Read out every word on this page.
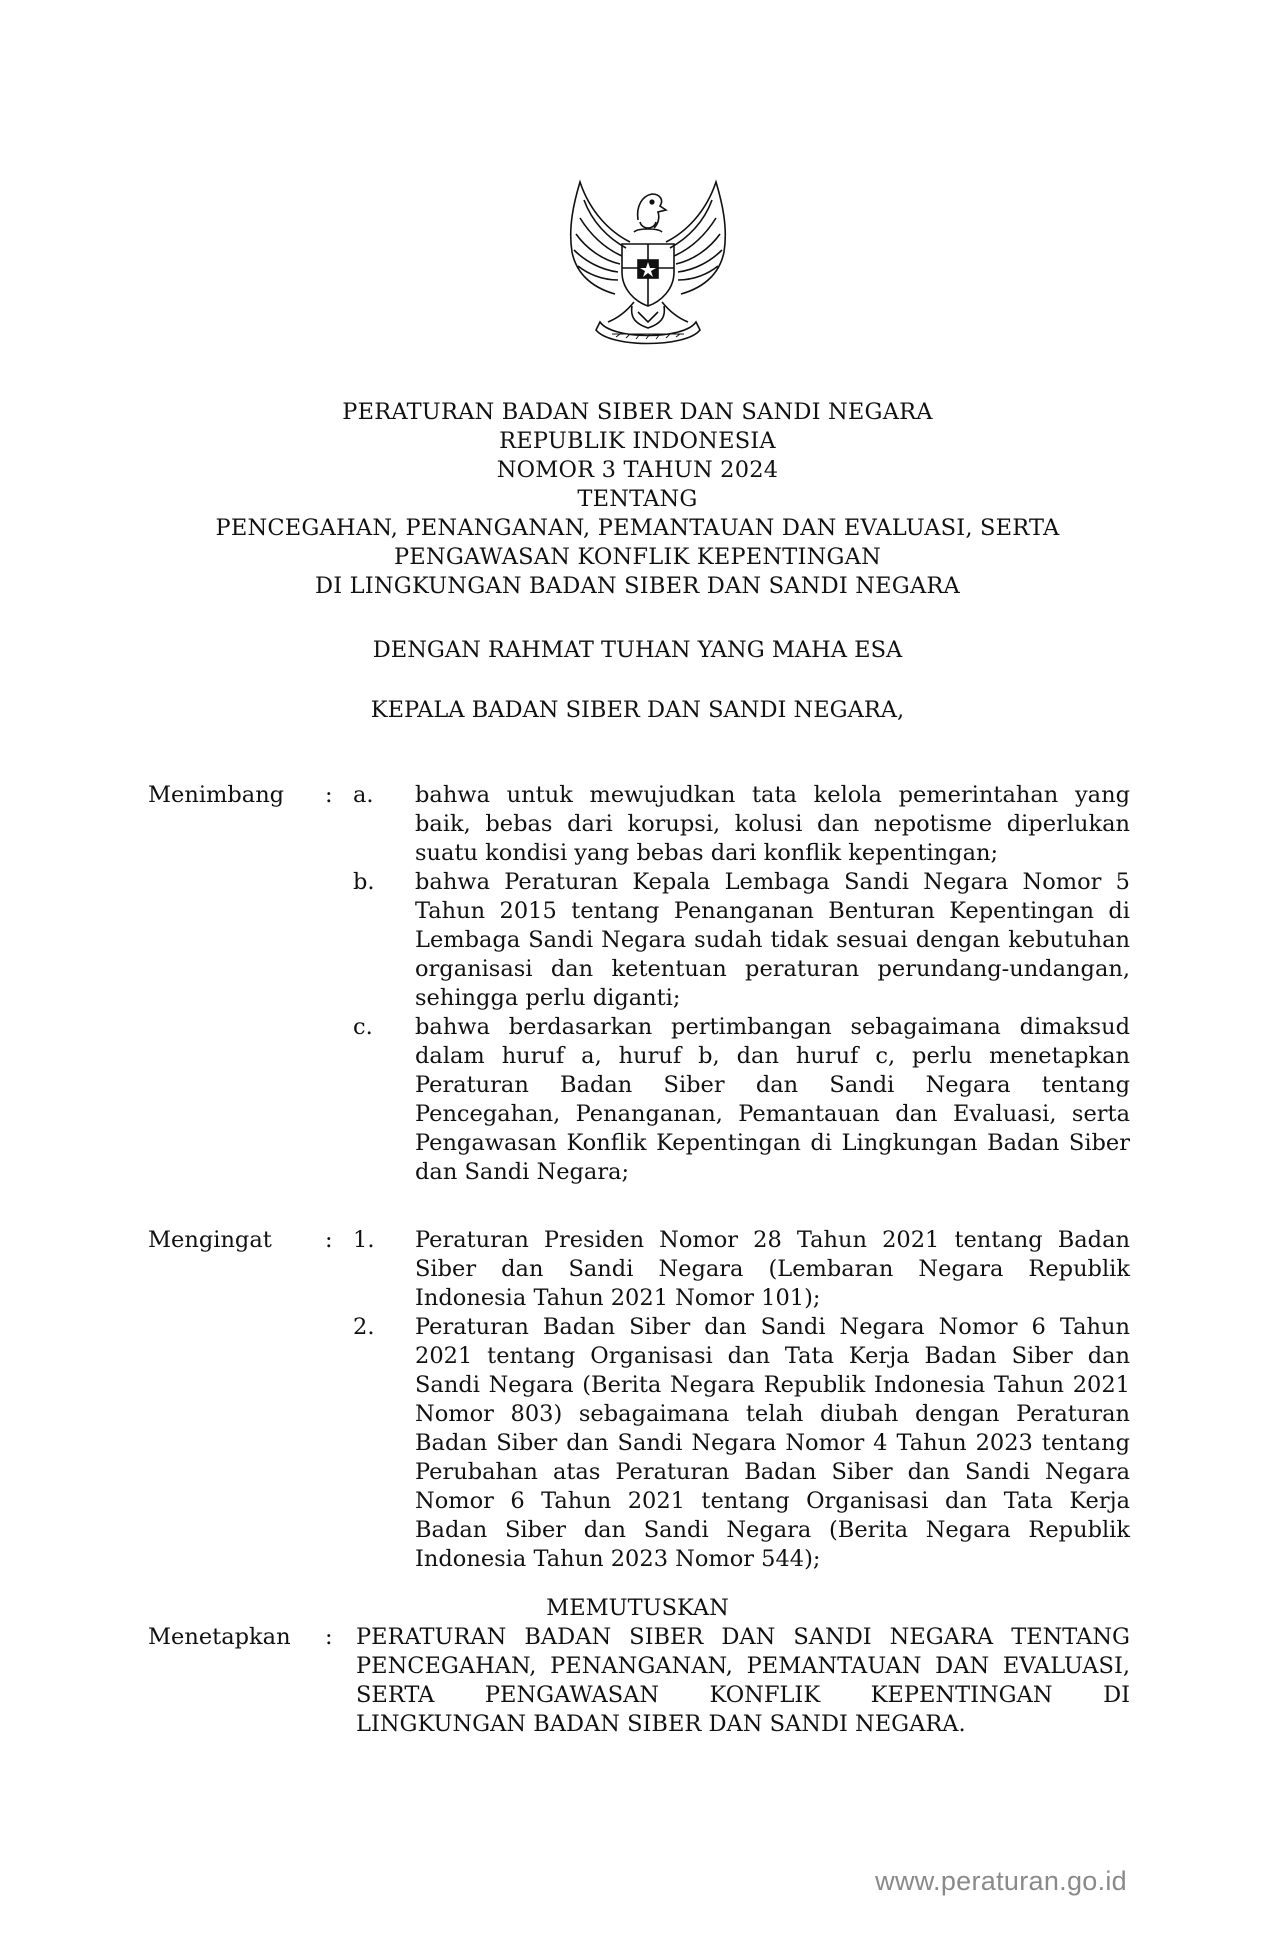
PERATURAN BADAN SIBER DAN SANDI NEGARA
REPUBLIK INDONESIA
NOMOR 3 TAHUN 2024
TENTANG
PENCEGAHAN, PENANGANAN, PEMANTAUAN DAN EVALUASI, SERTA
PENGAWASAN KONFLIK KEPENTINGAN
DI LINGKUNGAN BADAN SIBER DAN SANDI NEGARA
DENGAN RAHMAT TUHAN YANG MAHA ESA
KEPALA BADAN SIBER DAN SANDI NEGARA,
Menimbang : a.	bahwa untuk mewujudkan tata kelola pemerintahan yang baik, bebas dari korupsi, kolusi dan nepotisme diperlukan suatu kondisi yang bebas dari konflik kepentingan;
b.	bahwa Peraturan Kepala Lembaga Sandi Negara Nomor 5 Tahun 2015 tentang Penanganan Benturan Kepentingan di Lembaga Sandi Negara sudah tidak sesuai dengan kebutuhan organisasi dan ketentuan peraturan perundang-undangan, sehingga perlu diganti;
c.	bahwa berdasarkan pertimbangan sebagaimana dimaksud dalam huruf a, huruf b, dan huruf c, perlu menetapkan Peraturan Badan Siber dan Sandi Negara tentang Pencegahan, Penanganan, Pemantauan dan Evaluasi, serta Pengawasan Konflik Kepentingan di Lingkungan Badan Siber dan Sandi Negara;
Mengingat : 1.	Peraturan Presiden Nomor 28 Tahun 2021 tentang Badan Siber dan Sandi Negara (Lembaran Negara Republik Indonesia Tahun 2021 Nomor 101);
2.	Peraturan Badan Siber dan Sandi Negara Nomor 6 Tahun 2021 tentang Organisasi dan Tata Kerja Badan Siber dan Sandi Negara (Berita Negara Republik Indonesia Tahun 2021 Nomor 803) sebagaimana telah diubah dengan Peraturan Badan Siber dan Sandi Negara Nomor 4 Tahun 2023 tentang Perubahan atas Peraturan Badan Siber dan Sandi Negara Nomor 6 Tahun 2021 tentang Organisasi dan Tata Kerja Badan Siber dan Sandi Negara (Berita Negara Republik Indonesia Tahun 2023 Nomor 544);
MEMUTUSKAN
Menetapkan : PERATURAN BADAN SIBER DAN SANDI NEGARA TENTANG PENCEGAHAN, PENANGANAN, PEMANTAUAN DAN EVALUASI, SERTA PENGAWASAN KONFLIK KEPENTINGAN DI LINGKUNGAN BADAN SIBER DAN SANDI NEGARA.
www.peraturan.go.id
